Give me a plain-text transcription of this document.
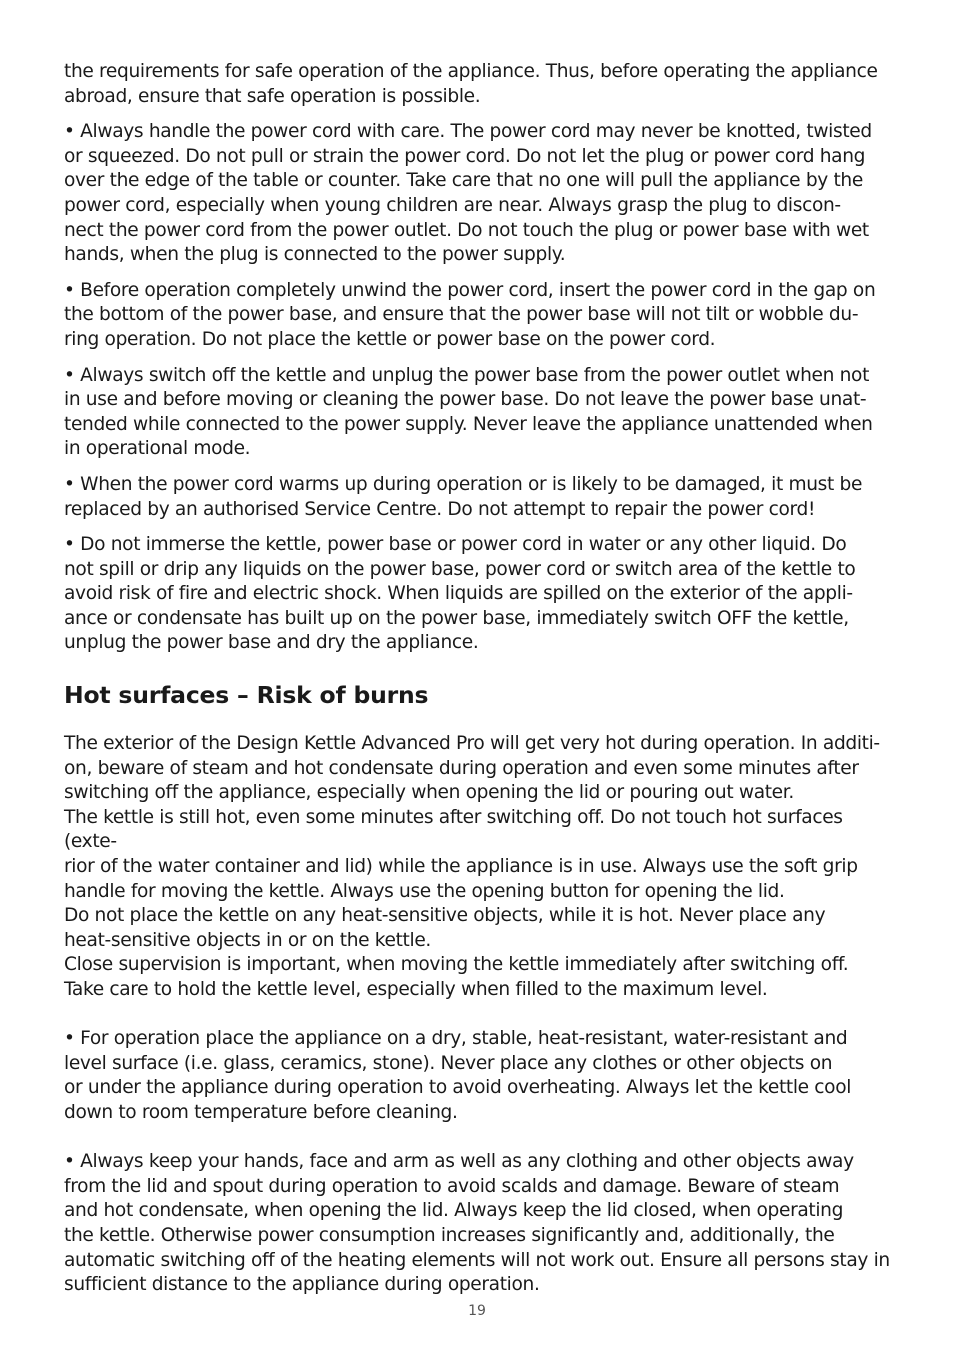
the requirements for safe operation of the appliance. Thus, before operating the appliance
abroad, ensure that safe operation is possible.

• Always handle the power cord with care. The power cord may never be knotted, twisted
or squeezed. Do not pull or strain the power cord. Do not let the plug or power cord hang
over the edge of the table or counter. Take care that no one will pull the appliance by the
power cord, especially when young children are near. Always grasp the plug to discon-
nect the power cord from the power outlet. Do not touch the plug or power base with wet
hands, when the plug is connected to the power supply.

• Before operation completely unwind the power cord, insert the power cord in the gap on
the bottom of the power base, and ensure that the power base will not tilt or wobble du-
ring operation. Do not place the kettle or power base on the power cord.

• Always switch off the kettle and unplug the power base from the power outlet when not
in use and before moving or cleaning the power base. Do not leave the power base unat-
tended while connected to the power supply. Never leave the appliance unattended when
in operational mode.

• When the power cord warms up during operation or is likely to be damaged, it must be
replaced by an authorised Service Centre. Do not attempt to repair the power cord!

• Do not immerse the kettle, power base or power cord in water or any other liquid. Do
not spill or drip any liquids on the power base, power cord or switch area of the kettle to
avoid risk of fire and electric shock. When liquids are spilled on the exterior of the appli-
ance or condensate has built up on the power base, immediately switch OFF the kettle,
unplug the power base and dry the appliance.

Hot surfaces – Risk of burns

The exterior of the Design Kettle Advanced Pro will get very hot during operation. In additi-
on, beware of steam and hot condensate during operation and even some minutes after
switching off the appliance, especially when opening the lid or pouring out water.
The kettle is still hot, even some minutes after switching off. Do not touch hot surfaces (exte-
rior of the water container and lid) while the appliance is in use. Always use the soft grip
handle for moving the kettle. Always use the opening button for opening the lid.
Do not place the kettle on any heat-sensitive objects, while it is hot. Never place any
heat-sensitive objects in or on the kettle.
Close supervision is important, when moving the kettle immediately after switching off.
Take care to hold the kettle level, especially when filled to the maximum level.
• For operation place the appliance on a dry, stable, heat-resistant, water-resistant and
level surface (i.e. glass, ceramics, stone). Never place any clothes or other objects on
or under the appliance during operation to avoid overheating. Always let the kettle cool
down to room temperature before cleaning.
• Always keep your hands, face and arm as well as any clothing and other objects away
from the lid and spout during operation to avoid scalds and damage. Beware of steam
and hot condensate, when opening the lid. Always keep the lid closed, when operating
the kettle. Otherwise power consumption increases significantly and, additionally, the
automatic switching off of the heating elements will not work out. Ensure all persons stay in
sufficient distance to the appliance during operation.

19
